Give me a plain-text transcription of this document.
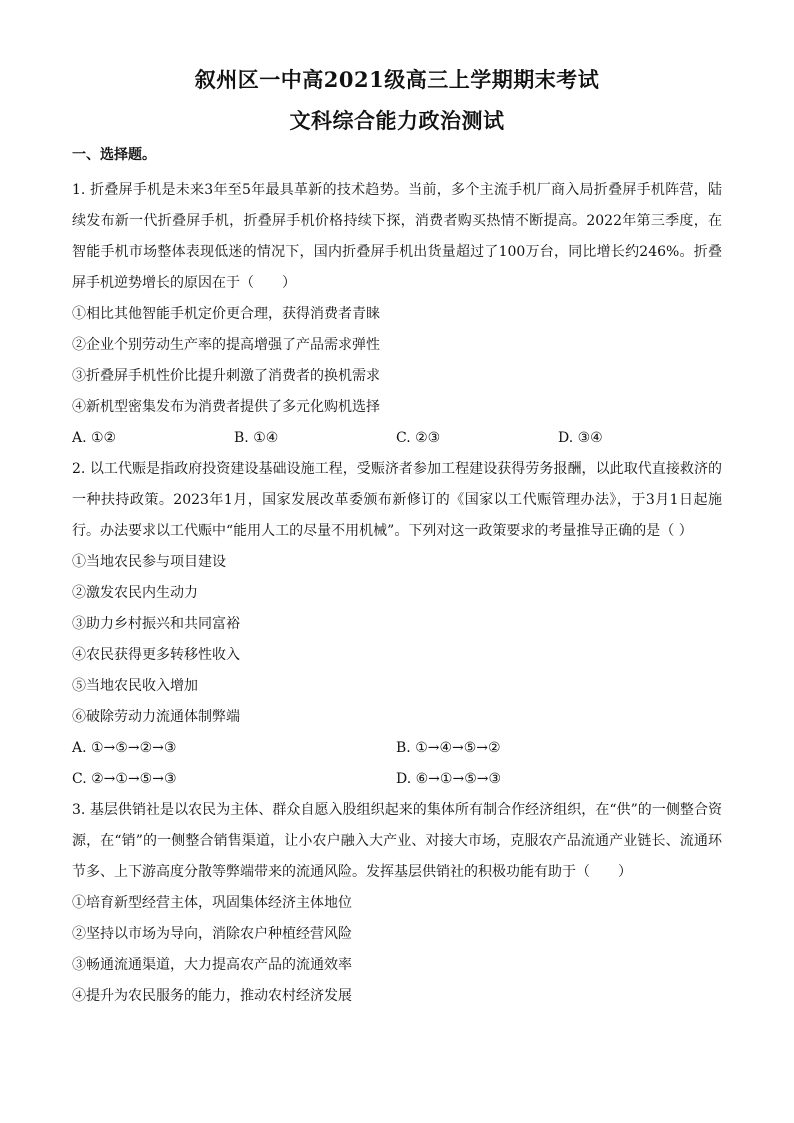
叙州区一中高2021级高三上学期期末考试
文科综合能力政治测试
一、选择题。

1. 折叠屏手机是未来3年至5年最具革新的技术趋势。当前，多个主流手机厂商入局折叠屏手机阵营，陆续发布新一代折叠屏手机，折叠屏手机价格持续下探，消费者购买热情不断提高。2022年第三季度，在智能手机市场整体表现低迷的情况下，国内折叠屏手机出货量超过了100万台，同比增长约246%。折叠屏手机逆势增长的原因在于（　　）

①相比其他智能手机定价更合理，获得消费者青睐

②企业个别劳动生产率的提高增强了产品需求弹性

③折叠屏手机性价比提升刺激了消费者的换机需求

④新机型密集发布为消费者提供了多元化购机选择

A. ①②	B. ①④	C. ②③	D. ③④

2. 以工代赈是指政府投资建设基础设施工程，受赈济者参加工程建设获得劳务报酬，以此取代直接救济的一种扶持政策。2023年1月，国家发展改革委颁布新修订的《国家以工代赈管理办法》，于3月1日起施行。办法要求以工代赈中“能用人工的尽量不用机械”。下列对这一政策要求的考量推导正确的是（ ）

①当地农民参与项目建设

②激发农民内生动力

③助力乡村振兴和共同富裕

④农民获得更多转移性收入

⑤当地农民收入增加

⑥破除劳动力流通体制弊端

A. ①→⑤→②→③	B. ①→④→⑤→②
C. ②→①→⑤→③	D. ⑥→①→⑤→③

3. 基层供销社是以农民为主体、群众自愿入股组织起来的集体所有制合作经济组织，在“供”的一侧整合资源，在“销”的一侧整合销售渠道，让小农户融入大产业、对接大市场，克服农产品流通产业链长、流通环节多、上下游高度分散等弊端带来的流通风险。发挥基层供销社的积极功能有助于（　　）

①培育新型经营主体，巩固集体经济主体地位

②坚持以市场为导向，消除农户种植经营风险

③畅通流通渠道，大力提高农产品的流通效率

④提升为农民服务的能力，推动农村经济发展
